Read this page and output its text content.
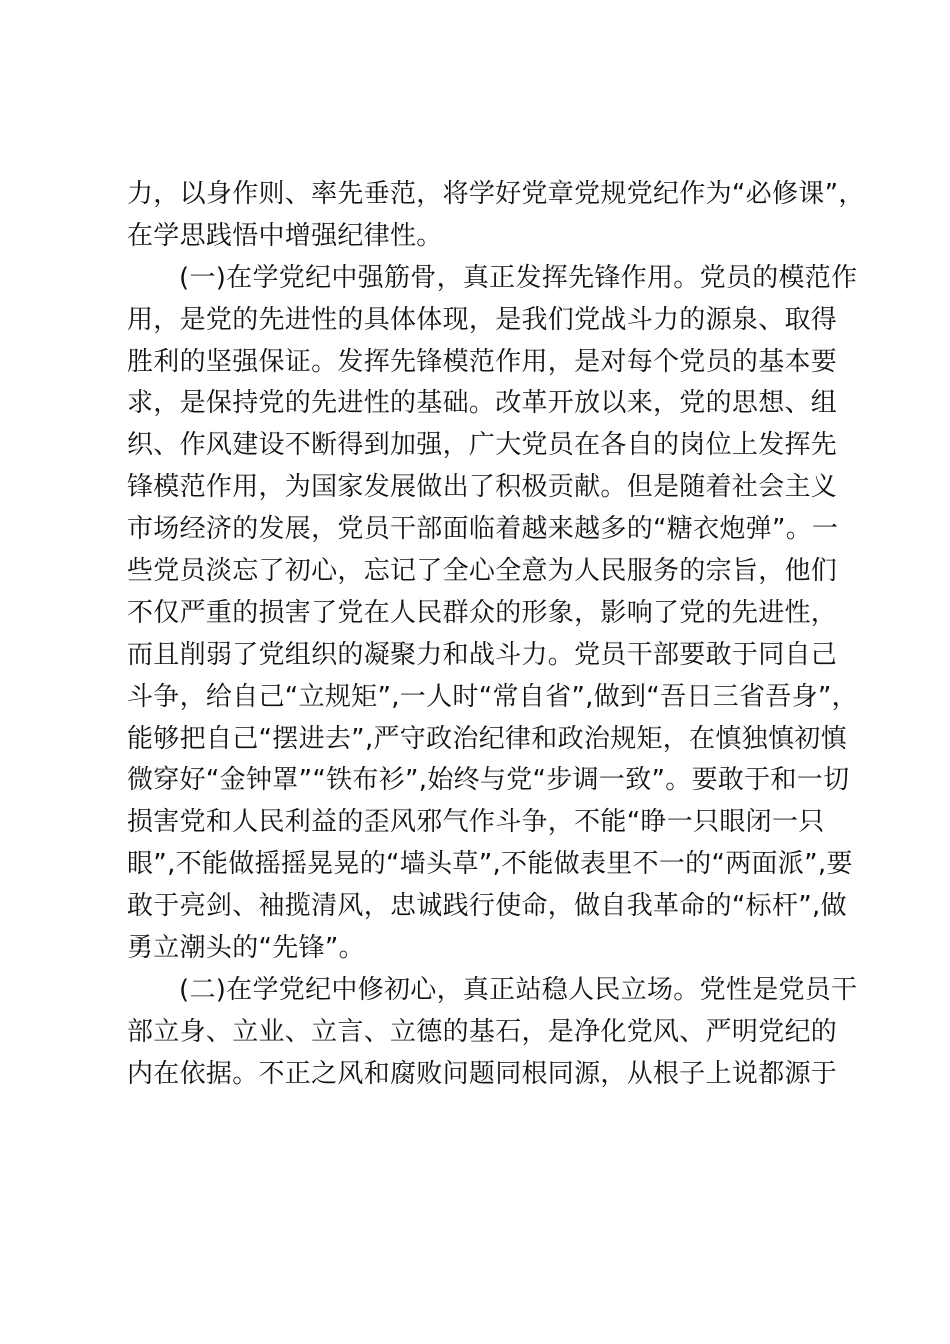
力，以身作则、率先垂范，将学好党章党规党纪作为“必修课”，
在学思践悟中增强纪律性。
(一)在学党纪中强筋骨，真正发挥先锋作用。党员的模范作
用，是党的先进性的具体体现，是我们党战斗力的源泉、取得
胜利的坚强保证。发挥先锋模范作用，是对每个党员的基本要
求，是保持党的先进性的基础。改革开放以来，党的思想、组
织、作风建设不断得到加强，广大党员在各自的岗位上发挥先
锋模范作用，为国家发展做出了积极贡献。但是随着社会主义
市场经济的发展，党员干部面临着越来越多的“糖衣炮弹”。一
些党员淡忘了初心，忘记了全心全意为人民服务的宗旨，他们
不仅严重的损害了党在人民群众的形象，影响了党的先进性，
而且削弱了党组织的凝聚力和战斗力。党员干部要敢于同自己
斗争，给自己“立规矩”,一人时“常自省”,做到“吾日三省吾身”，
能够把自己“摆进去”,严守政治纪律和政治规矩，在慎独慎初慎
微穿好“金钟罩”“铁布衫”,始终与党“步调一致”。要敢于和一切
损害党和人民利益的歪风邪气作斗争，不能“睁一只眼闭一只
眼”,不能做摇摇晃晃的“墙头草”,不能做表里不一的“两面派”,要
敢于亮剑、袖揽清风，忠诚践行使命，做自我革命的“标杆”,做
勇立潮头的“先锋”。
(二)在学党纪中修初心，真正站稳人民立场。党性是党员干
部立身、立业、立言、立德的基石，是净化党风、严明党纪的
内在依据。不正之风和腐败问题同根同源，从根子上说都源于
